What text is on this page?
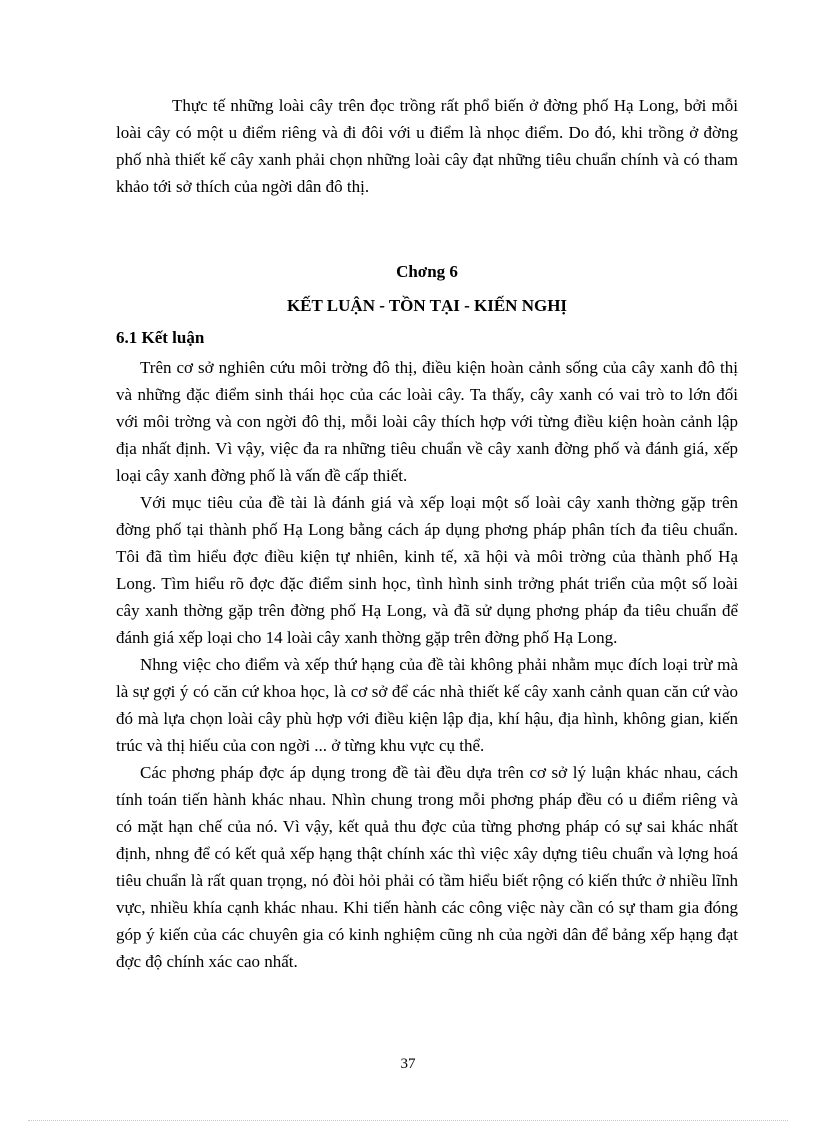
Thực tế những loài cây trên đọc trồng rất phổ biến ở đờng phố Hạ Long, bởi mỗi loài cây có một u điểm riêng và đi đôi với u điểm là nhọc điểm. Do đó, khi trồng ở đờng phố nhà thiết kế cây xanh phải chọn những loài cây đạt những tiêu chuẩn chính và có tham khảo tới sở thích của ngời dân đô thị.

Chơng 6
KẾT LUẬN - TỒN TẠI - KIẾN NGHỊ
6.1 Kết luận

Trên cơ sở nghiên cứu môi trờng đô thị, điều kiện hoàn cảnh sống của cây xanh đô thị và những đặc điểm sinh thái học của các loài cây. Ta thấy, cây xanh có vai trò to lớn đối với môi trờng và con ngời đô thị, mỗi loài cây thích hợp với từng điều kiện hoàn cảnh lập địa nhất định. Vì vậy, việc đa ra những tiêu chuẩn về cây xanh đờng phố và đánh giá, xếp loại cây xanh đờng phố là vấn đề cấp thiết.

Với mục tiêu của đề tài là đánh giá và xếp loại một số loài cây xanh thờng gặp trên đờng phố tại thành phố Hạ Long bằng cách áp dụng phơng pháp phân tích đa tiêu chuẩn. Tôi đã tìm hiểu đợc điều kiện tự nhiên, kinh tế, xã hội và môi trờng của thành phố Hạ Long. Tìm hiểu rõ đợc đặc điểm sinh học, tình hình sinh trởng phát triển của một số loài cây xanh thờng gặp trên đờng phố Hạ Long, và đã sử dụng phơng pháp đa tiêu chuẩn để đánh giá xếp loại cho 14 loài cây xanh thờng gặp trên đờng phố Hạ Long.

Nhng việc cho điểm và xếp thứ hạng của đề tài không phải nhằm mục đích loại trừ mà là sự gợi ý có căn cứ khoa học, là cơ sở để các nhà thiết kế cây xanh cảnh quan căn cứ vào đó mà lựa chọn loài cây phù hợp với điều kiện lập địa, khí hậu, địa hình, không gian, kiến trúc và thị hiếu của con ngời ... ở từng khu vực cụ thể.

Các phơng pháp đợc áp dụng trong đề tài đều dựa trên cơ sở lý luận khác nhau, cách tính toán tiến hành khác nhau. Nhìn chung trong mỗi phơng pháp đều có u điểm riêng và có mặt hạn chế của nó. Vì vậy, kết quả thu đợc của từng phơng pháp có sự sai khác nhất định, nhng để có kết quả xếp hạng thật chính xác thì việc xây dựng tiêu chuẩn và lợng hoá tiêu chuẩn là rất quan trọng, nó đòi hỏi phải có tầm hiểu biết rộng có kiến thức ở nhiều lĩnh vực, nhiều khía cạnh khác nhau. Khi tiến hành các công việc này cần có sự tham gia đóng góp ý kiến của các chuyên gia có kinh nghiệm cũng nh của ngời dân để bảng xếp hạng đạt đợc độ chính xác cao nhất.

37
